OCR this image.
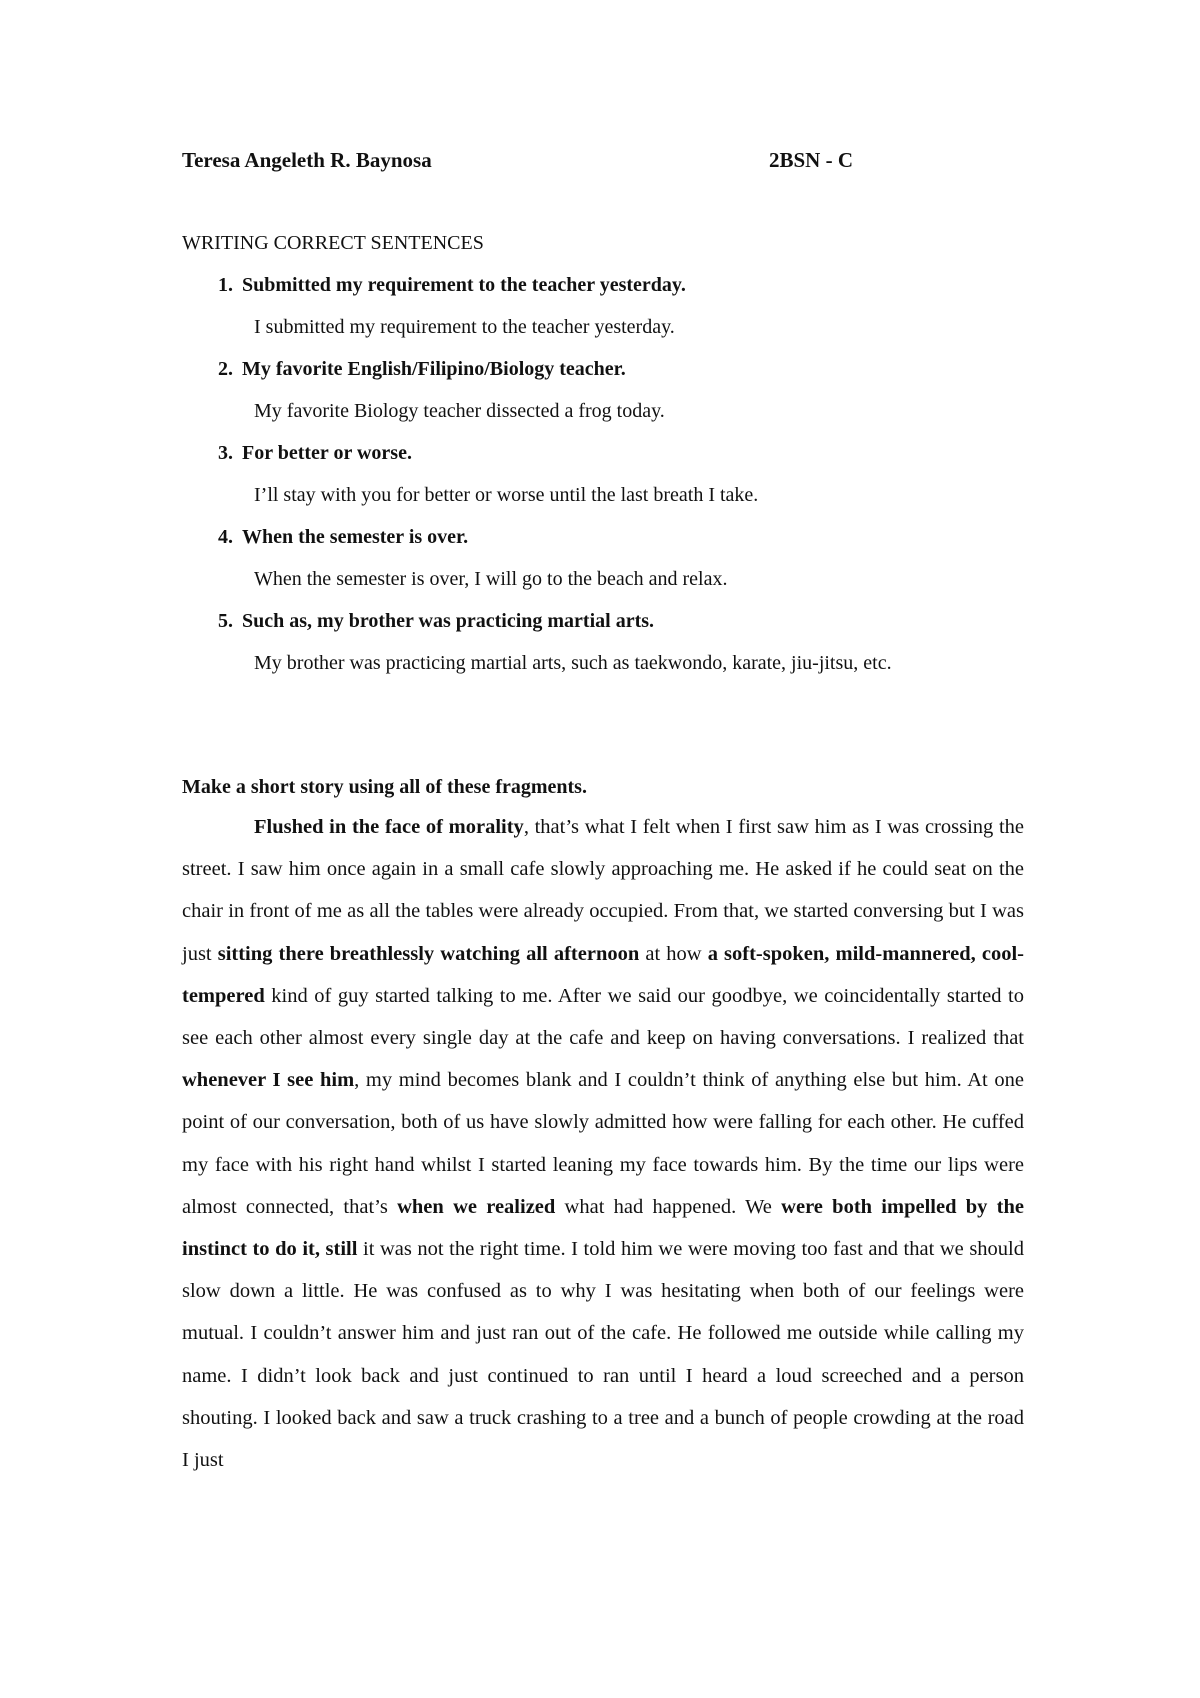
Teresa Angeleth R. Baynosa	2BSN - C
WRITING CORRECT SENTENCES
1. Submitted my requirement to the teacher yesterday.
I submitted my requirement to the teacher yesterday.
2. My favorite English/Filipino/Biology teacher.
My favorite Biology teacher dissected a frog today.
3. For better or worse.
I’ll stay with you for better or worse until the last breath I take.
4. When the semester is over.
When the semester is over, I will go to the beach and relax.
5. Such as, my brother was practicing martial arts.
My brother was practicing martial arts, such as taekwondo, karate, jiu-jitsu, etc.
Make a short story using all of these fragments.
Flushed in the face of morality, that’s what I felt when I first saw him as I was crossing the street. I saw him once again in a small cafe slowly approaching me. He asked if he could seat on the chair in front of me as all the tables were already occupied. From that, we started conversing but I was just sitting there breathlessly watching all afternoon at how a soft-spoken, mild-mannered, cool-tempered kind of guy started talking to me. After we said our goodbye, we coincidentally started to see each other almost every single day at the cafe and keep on having conversations. I realized that whenever I see him, my mind becomes blank and I couldn’t think of anything else but him. At one point of our conversation, both of us have slowly admitted how were falling for each other. He cuffed my face with his right hand whilst I started leaning my face towards him. By the time our lips were almost connected, that’s when we realized what had happened. We were both impelled by the instinct to do it, still it was not the right time. I told him we were moving too fast and that we should slow down a little. He was confused as to why I was hesitating when both of our feelings were mutual. I couldn’t answer him and just ran out of the cafe. He followed me outside while calling my name. I didn’t look back and just continued to ran until I heard a loud screeched and a person shouting. I looked back and saw a truck crashing to a tree and a bunch of people crowding at the road I just
